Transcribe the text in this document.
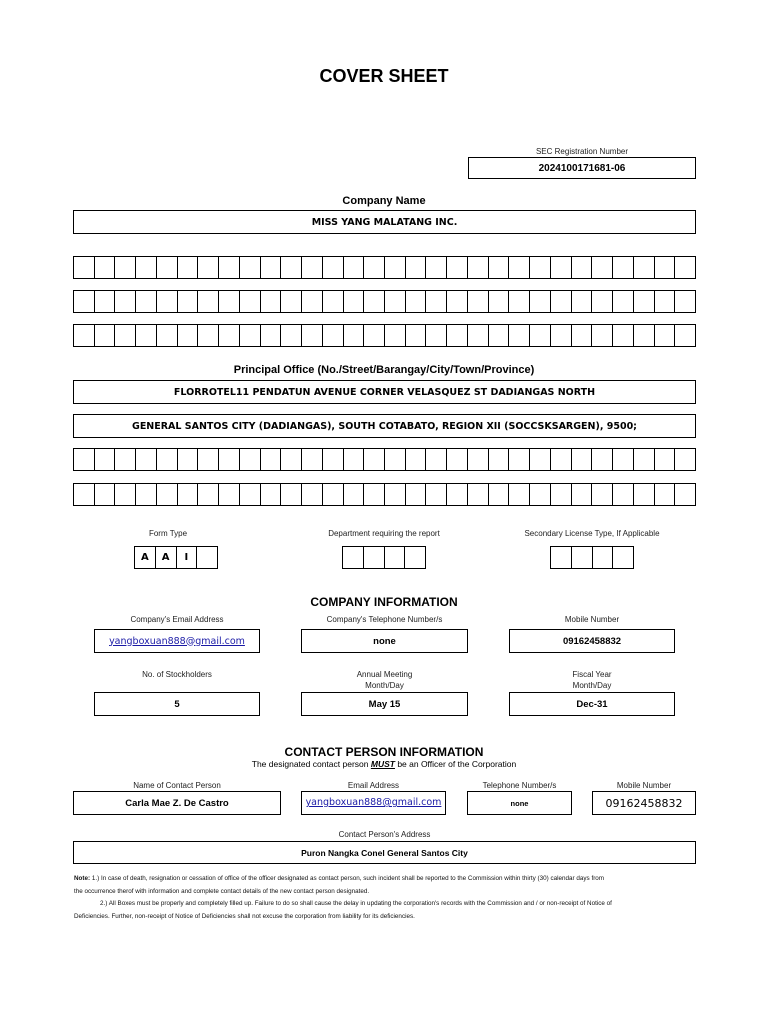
COVER SHEET
SEC Registration Number
2024100171681-06
Company Name
MISS YANG MALATANG INC.
Principal Office (No./Street/Barangay/City/Town/Province)
FLORROTEL11 PENDATUN AVENUE CORNER VELASQUEZ ST DADIANGAS NORTH
GENERAL SANTOS CITY (DADIANGAS), SOUTH COTABATO, REGION XII (SOCCSKSARGEN), 9500;
Form Type
A	A	I
Department requiring the report	Secondary License Type, If Applicable
COMPANY INFORMATION
Company's Email Address
yangboxuan888@gmail.com
Company's Telephone Number/s
none
Mobile Number
09162458832
No. of Stockholders
5
Annual Meeting
Month/Day
May 15
Fiscal Year
Month/Day
Dec-31
CONTACT PERSON INFORMATION
The designated contact person MUST be an Officer of the Corporation
Name of Contact Person
Carla Mae Z. De Castro
Email Address
yangboxuan888@gmail.com
Telephone Number/s
none
Mobile Number
09162458832
Contact Person's Address
Puron Nangka Conel General Santos City
Note: 1.) In case of death, resignation or cessation of office of the officer designated as contact person, such incident shall be reported to the Commission within thirty (30) calendar days from
the occurrence therof with information and complete contact details of the new contact person designated.
2.) All Boxes must be properly and completely filled up. Failure to do so shall cause the delay in updating the corporation's records with the Commission and / or non-receipt of Notice of
Deficiencies. Further, non-receipt of Notice of Deficiencies shall not excuse the corporation from liability for its deficiencies.
